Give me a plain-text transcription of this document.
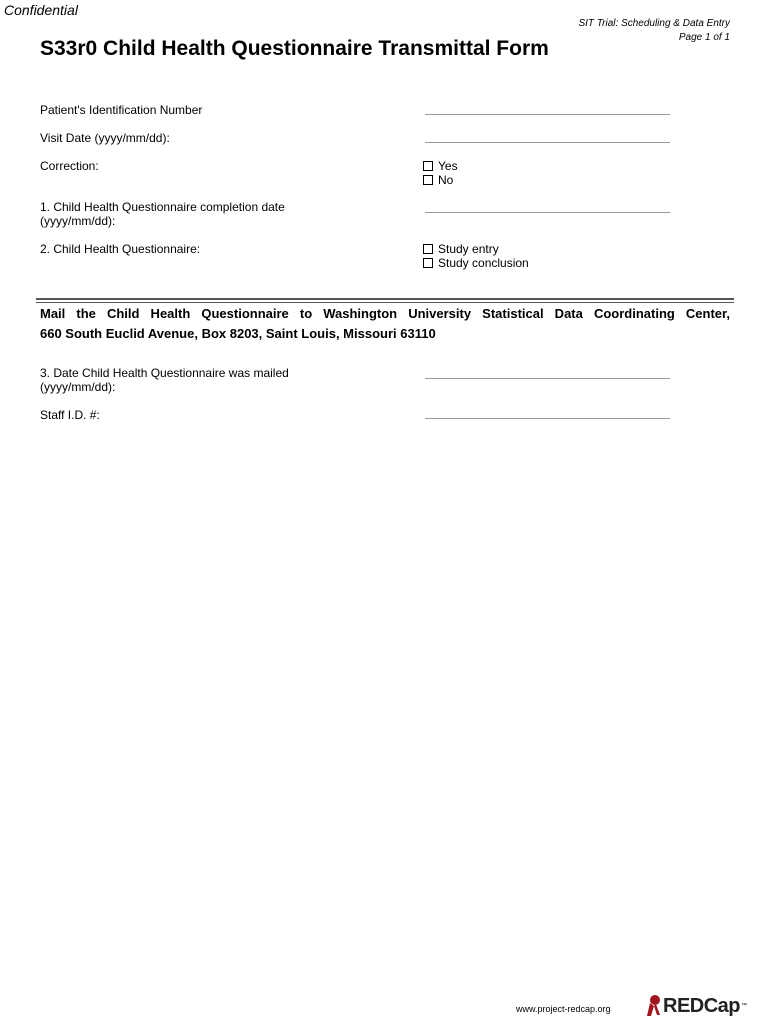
Confidential
SIT Trial: Scheduling & Data Entry
Page 1 of 1
S33r0 Child Health Questionnaire Transmittal Form
Patient's Identification Number
Visit Date (yyyy/mm/dd):
Correction:	Yes
No
1. Child Health Questionnaire completion date
(yyyy/mm/dd):
2. Child Health Questionnaire:	Study entry
Study conclusion
Mail the Child Health Questionnaire to Washington University Statistical Data Coordinating Center,
660 South Euclid Avenue, Box 8203, Saint Louis, Missouri 63110
3. Date Child Health Questionnaire was mailed
(yyyy/mm/dd):
Staff I.D. #:
www.project-redcap.org	REDCap ™
